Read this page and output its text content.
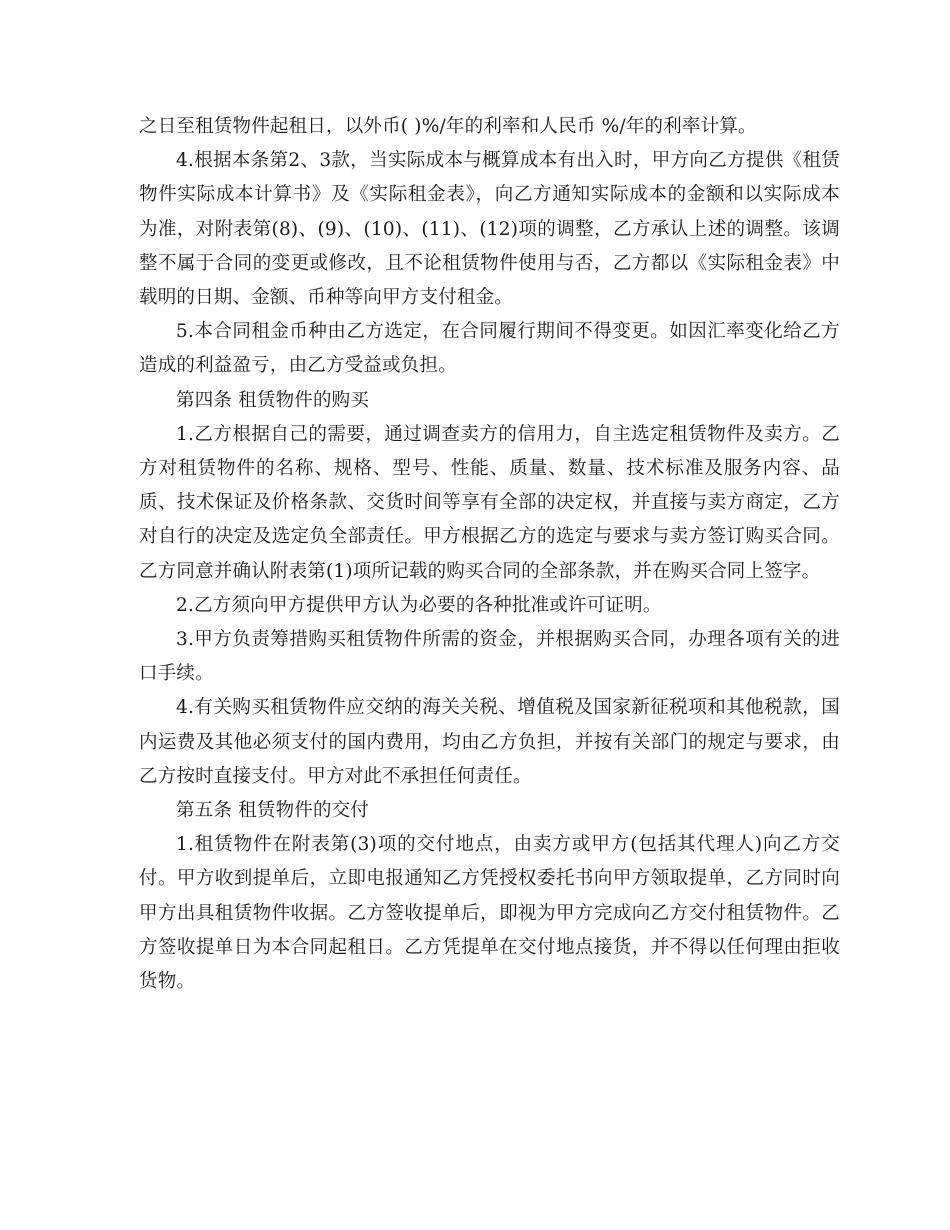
之日至租赁物件起租日，以外币( )%/年的利率和人民币 %/年的利率计算。

4.根据本条第2、3款，当实际成本与概算成本有出入时，甲方向乙方提供《租赁物件实际成本计算书》及《实际租金表》，向乙方通知实际成本的金额和以实际成本为准，对附表第(8)、(9)、(10)、(11)、(12)项的调整，乙方承认上述的调整。该调整不属于合同的变更或修改，且不论租赁物件使用与否，乙方都以《实际租金表》中载明的日期、金额、币种等向甲方支付租金。

5.本合同租金币种由乙方选定，在合同履行期间不得变更。如因汇率变化给乙方造成的利益盈亏，由乙方受益或负担。

第四条 租赁物件的购买

1.乙方根据自己的需要，通过调查卖方的信用力，自主选定租赁物件及卖方。乙方对租赁物件的名称、规格、型号、性能、质量、数量、技术标准及服务内容、品质、技术保证及价格条款、交货时间等享有全部的决定权，并直接与卖方商定，乙方对自行的决定及选定负全部责任。甲方根据乙方的选定与要求与卖方签订购买合同。乙方同意并确认附表第(1)项所记载的购买合同的全部条款，并在购买合同上签字。

2.乙方须向甲方提供甲方认为必要的各种批准或许可证明。

3.甲方负责筹措购买租赁物件所需的资金，并根据购买合同，办理各项有关的进口手续。

4.有关购买租赁物件应交纳的海关关税、增值税及国家新征税项和其他税款，国内运费及其他必须支付的国内费用，均由乙方负担，并按有关部门的规定与要求，由乙方按时直接支付。甲方对此不承担任何责任。

第五条 租赁物件的交付

1.租赁物件在附表第(3)项的交付地点，由卖方或甲方(包括其代理人)向乙方交付。甲方收到提单后，立即电报通知乙方凭授权委托书向甲方领取提单，乙方同时向甲方出具租赁物件收据。乙方签收提单后，即视为甲方完成向乙方交付租赁物件。乙方签收提单日为本合同起租日。乙方凭提单在交付地点接货，并不得以任何理由拒收货物。
